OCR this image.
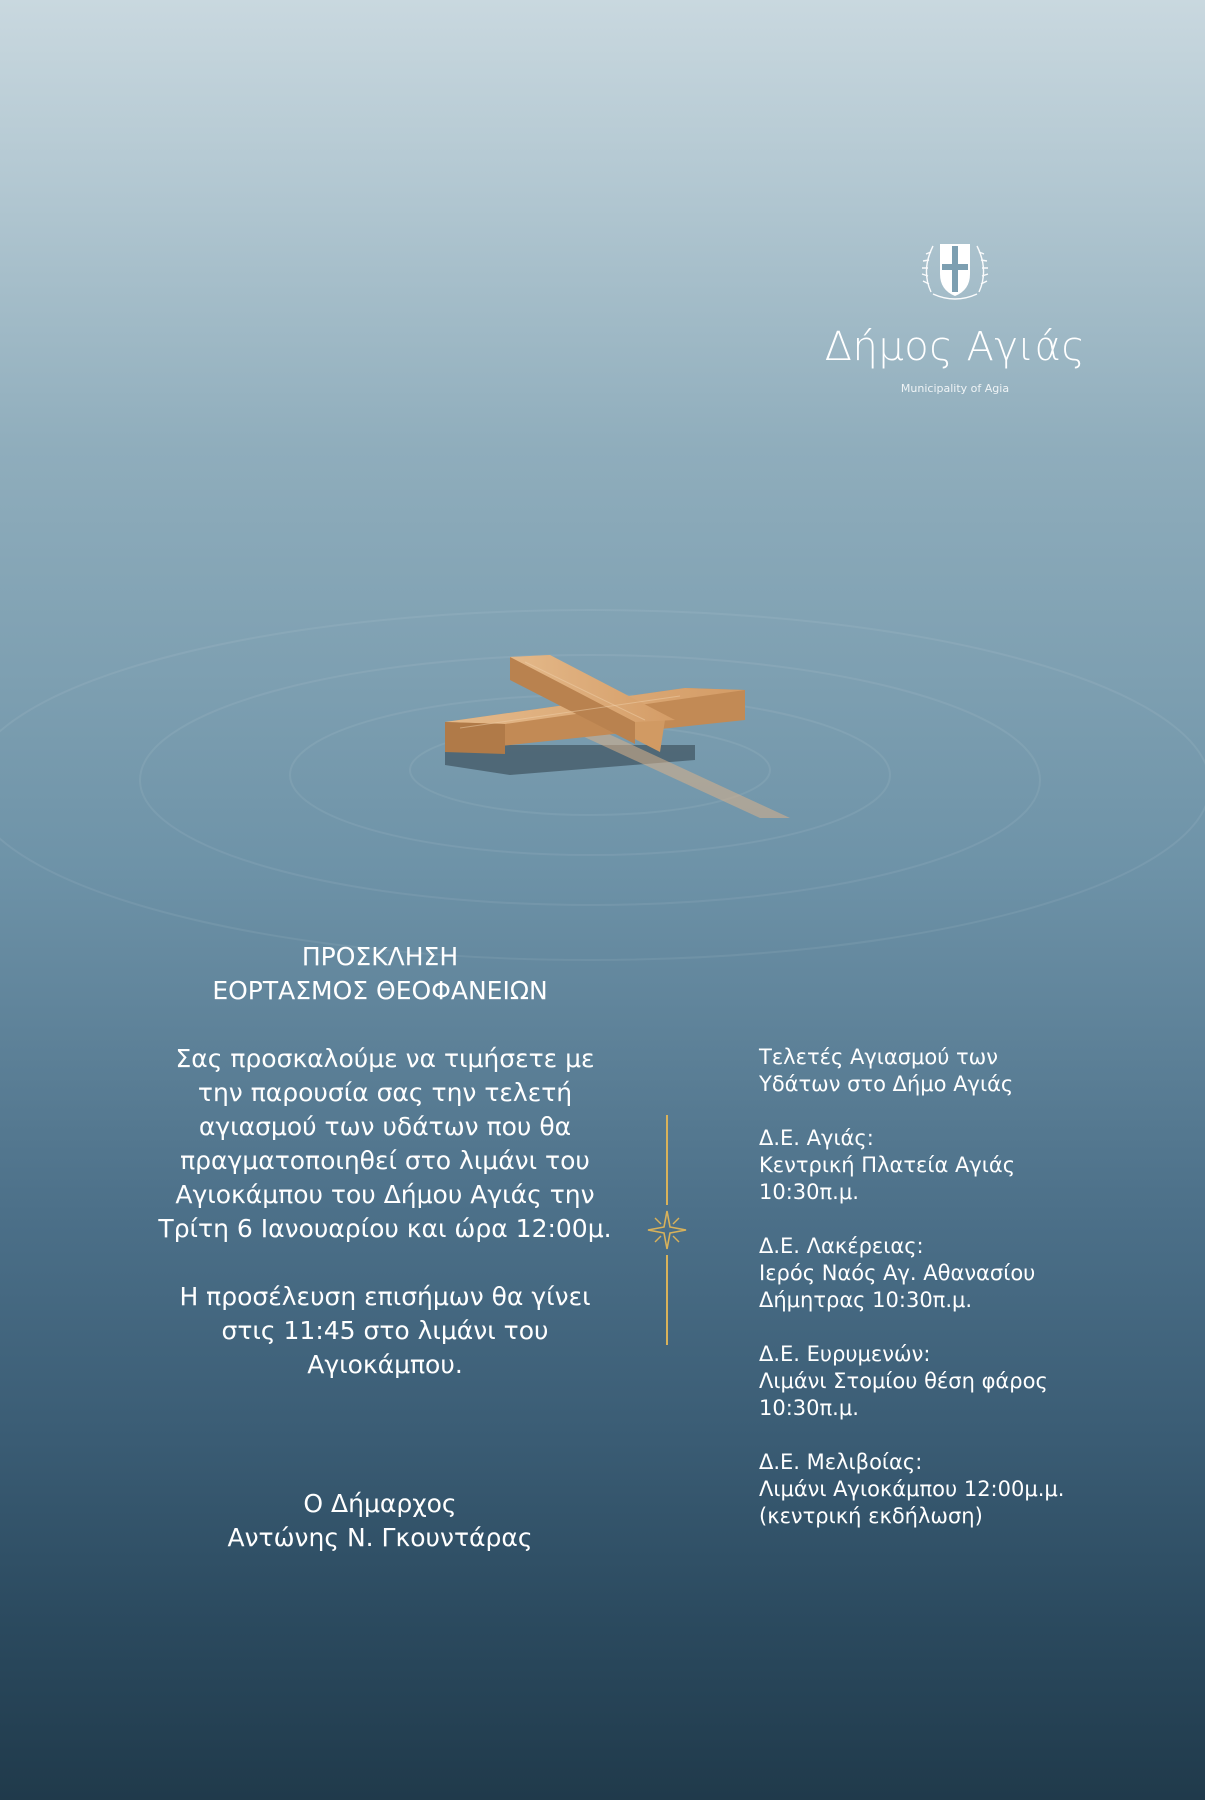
Δήμος Αγιάς
Municipality of Agia
ΠΡΟΣΚΛΗΣΗ
ΕΟΡΤΑΣΜΟΣ ΘΕΟΦΑΝΕΙΩΝ

Σας προσκαλούμε να τιμήσετε με την παρουσία σας την τελετή αγιασμού των υδάτων που θα πραγματοποιηθεί στο λιμάνι του Αγιοκάμπου του Δήμου Αγιάς την Τρίτη 6 Ιανουαρίου και ώρα 12:00μ.

Η προσέλευση επισήμων θα γίνει στις 11:45 στο λιμάνι του Αγιοκάμπου.

Ο Δήμαρχος
Αντώνης Ν. Γκουντάρας
Τελετές Αγιασμού των
Υδάτων στο Δήμο Αγιάς
Δ.Ε. Αγιάς:
Κεντρική Πλατεία Αγιάς
10:30π.μ.
Δ.Ε. Λακέρειας:
Ιερός Ναός Αγ. Αθανασίου
Δήμητρας 10:30π.μ.
Δ.Ε. Ευρυμενών:
Λιμάνι Στομίου θέση φάρος
10:30π.μ.
Δ.Ε. Μελιβοίας:
Λιμάνι Αγιοκάμπου 12:00μ.μ.
(κεντρική εκδήλωση)
